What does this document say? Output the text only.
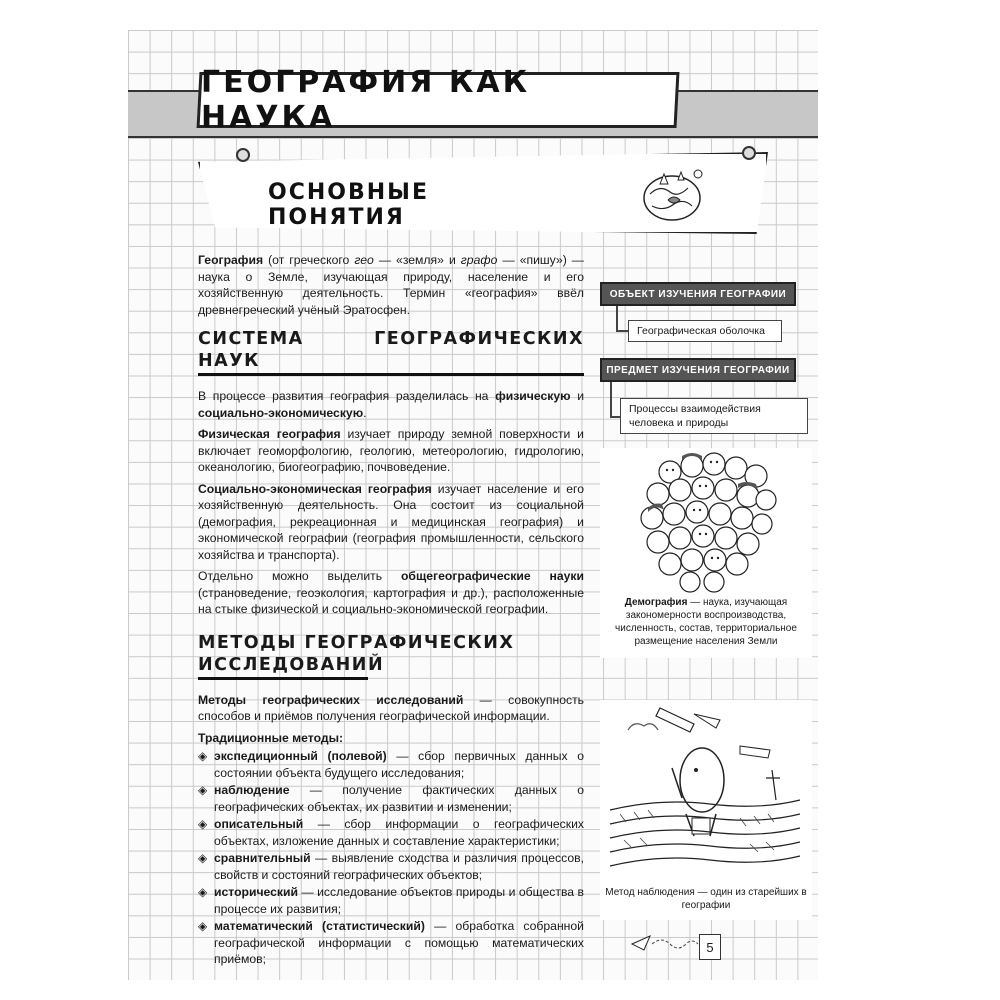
ГЕОГРАФИЯ КАК НАУКА
ОСНОВНЫЕ ПОНЯТИЯ

География (от греческого гео — «земля» и графо — «пишу») — наука о Земле, изучающая природу, население и его хозяйственную деятельность. Термин «география» ввёл древнегреческий учёный Эратосфен.

СИСТЕМА ГЕОГРАФИЧЕСКИХ НАУК

В процессе развития география разделилась на физическую и социально-экономическую.

Физическая география изучает природу земной поверхности и включает геоморфологию, геологию, метеорологию, гидрологию, океанологию, биогеографию, почвоведение.

Социально-экономическая география изучает население и его хозяйственную деятельность. Она состоит из социальной (демография, рекреационная и медицинская география) и экономической географии (география промышленности, сельского хозяйства и транспорта).

Отдельно можно выделить общегеографические науки (страноведение, геоэкология, картография и др.), расположенные на стыке физической и социально-экономической географии.

МЕТОДЫ ГЕОГРАФИЧЕСКИХ
ИССЛЕДОВАНИЙ

Методы географических исследований — совокупность способов и приёмов получения географической информации.

Традиционные методы:

◈ экспедиционный (полевой) — сбор первичных данных о состоянии объекта будущего исследования;
◈ наблюдение — получение фактических данных о географических объектах, их развитии и изменении;
◈ описательный — сбор информации о географических объектах, изложение данных и составление характеристики;
◈ сравнительный — выявление сходства и различия процессов, свойств и состояний географических объектов;
◈ исторический — исследование объектов природы и общества в процессе их развития;
◈ математический (статистический) — обработка собранной географической информации с помощью математических приёмов;
ОБЪЕКТ ИЗУЧЕНИЯ ГЕОГРАФИИ
Географическая оболочка
ПРЕДМЕТ ИЗУЧЕНИЯ ГЕОГРАФИИ
Процессы взаимодействия человека и природы
Демография — наука, изучающая закономерности воспроизводства, численность, состав, территориальное размещение населения Земли
Метод наблюдения — один из старейших в географии
5
